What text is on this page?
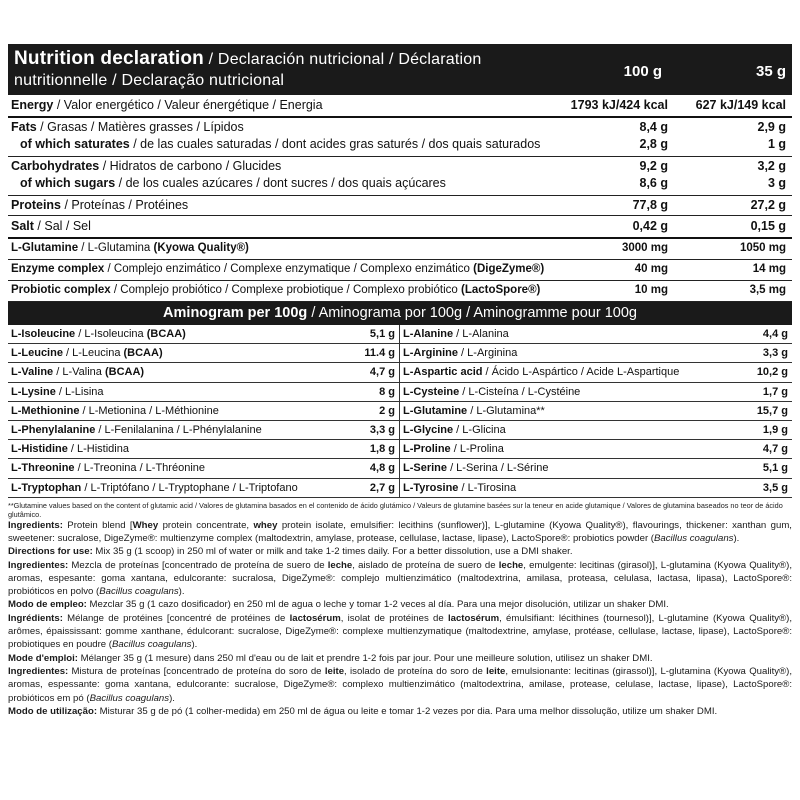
Nutrition declaration / Declaración nutricional / Déclaration nutritionnelle / Declaração nutricional
100 g	35 g
Energy / Valor energético / Valeur énergétique / Energia	1793 kJ/424 kcal 627 kJ/149 kcal
Fats / Grasas / Matières grasses / Lípidos	8,4 g	2,9 g
of which saturates / de las cuales saturadas / dont acides gras saturés / dos quais saturados	2,8 g	1 g
Carbohydrates / Hidratos de carbono / Glucides	9,2 g	3,2 g
of which sugars / de los cuales azúcares / dont sucres / dos quais açúcares	8,6 g	3 g
Proteins / Proteínas / Protéines	77,8 g	27,2 g
Salt / Sal / Sel	0,42 g	0,15 g
L-Glutamine / L-Glutamina (Kyowa Quality®)	3000 mg	1050 mg
Enzyme complex / Complejo enzimático / Complexe enzymatique / Complexo enzimático (DigeZyme®)	40 mg	14 mg
Probiotic complex / Complejo probiótico / Complexe probiotique / Complexo probiótico (LactoSpore®)	10 mg	3,5 mg
Aminogram per 100g / Aminograma por 100g / Aminogramme pour 100g
L-Isoleucine / L-Isoleucina (BCAA)	5,1 g
L-Leucine / L-Leucina (BCAA)	11.4 g
L-Valine / L-Valina (BCAA)	4,7 g
L-Lysine / L-Lisina	8 g
L-Methionine / L-Metionina / L-Méthionine	2 g
L-Phenylalanine / L-Fenilalanina / L-Phénylalanine	3,3 g
L-Histidine / L-Histidina	1,8 g
L-Threonine / L-Treonina / L-Thréonine	4,8 g
L-Tryptophan / L-Triptófano / L-Tryptophane / L-Triptofano	2,7 g
L-Alanine / L-Alanina	4,4 g
L-Arginine / L-Arginina	3,3 g
L-Aspartic acid / Ácido L-Aspártico / Acide L-Aspartique	10,2 g
L-Cysteine / L-Cisteína / L-Cystéine	1,7 g
L-Glutamine / L-Glutamina**	15,7 g
L-Glycine / L-Glicina	1,9 g
L-Proline / L-Prolina	4,7 g
L-Serine / L-Serina / L-Sérine	5,1 g
L-Tyrosine / L-Tirosina	3,5 g
**Glutamine values based on the content of glutamic acid / Valores de glutamina basados en el contenido de ácido glutámico / Valeurs de glutamine basées sur la teneur en acide glutamique / Valores de glutamina baseados no teor de ácido glutâmico.
Ingredients: Protein blend [Whey protein concentrate, whey protein isolate, emulsifier: lecithins (sunflower)], L-glutamine (Kyowa Quality®), flavourings, thickener: xanthan gum, sweetener: sucralose, DigeZyme®: multienzyme complex (maltodextrin, amylase, protease, cellulase, lactase, lipase), LactoSpore®: probiotics powder (Bacillus coagulans).
Directions for use: Mix 35 g (1 scoop) in 250 ml of water or milk and take 1-2 times daily. For a better dissolution, use a DMI shaker.
Ingredientes: Mezcla de proteínas [concentrado de proteína de suero de leche, aislado de proteína de suero de leche, emulgente: lecitinas (girasol)], L-glutamina (Kyowa Quality®), aromas, espesante: goma xantana, edulcorante: sucralosa, DigeZyme®: complejo multienzimático (maltodextrina, amilasa, proteasa, celulasa, lactasa, lipasa), LactoSpore®: probióticos en polvo (Bacillus coagulans).
Modo de empleo: Mezclar 35 g (1 cazo dosificador) en 250 ml de agua o leche y tomar 1-2 veces al día. Para una mejor disolución, utilizar un shaker DMI.
Ingrédients: Mélange de protéines [concentré de protéines de lactosérum, isolat de protéines de lactosérum, émulsifiant: lécithines (tournesol)], L-glutamine (Kyowa Quality®), arômes, épaississant: gomme xanthane, édulcorant: sucralose, DigeZyme®: complexe multienzymatique (maltodextrine, amylase, protéase, cellulase, lactase, lipase), LactoSpore®: probiotiques en poudre (Bacillus coagulans).
Mode d'emploi: Mélanger 35 g (1 mesure) dans 250 ml d'eau ou de lait et prendre 1-2 fois par jour. Pour une meilleure solution, utilisez un shaker DMI.
Ingredientes: Mistura de proteínas [concentrado de proteína do soro de leite, isolado de proteína do soro de leite, emulsionante: lecitinas (girassol)], L-glutamina (Kyowa Quality®), aromas, espessante: goma xantana, edulcorante: sucralose, DigeZyme®: complexo multienzimático (maltodextrina, amilase, protease, celulase, lactase, lipase), LactoSpore®: probióticos em pó (Bacillus coagulans).
Modo de utilização: Misturar 35 g de pó (1 colher-medida) em 250 ml de água ou leite e tomar 1-2 vezes por dia. Para uma melhor dissolução, utilize um shaker DMI.
